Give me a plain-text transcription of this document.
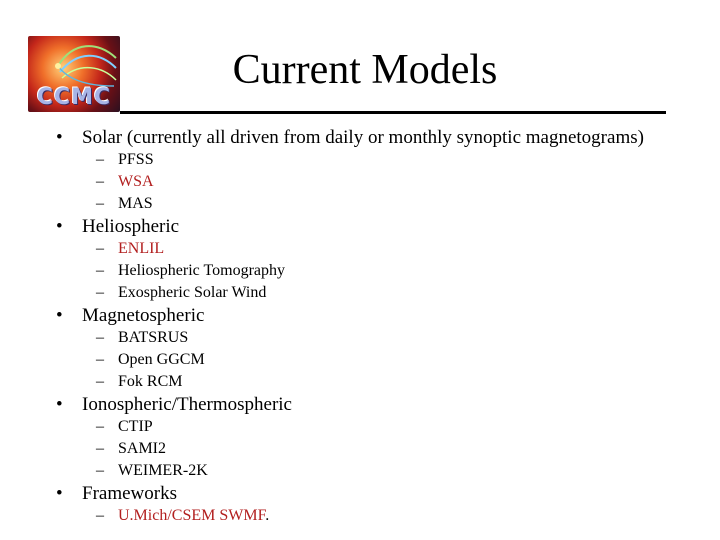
CCMC
Current Models
• Solar (currently all driven from daily or monthly synoptic magnetograms)
– PFSS
– WSA
– MAS
• Heliospheric
– ENLIL
– Heliospheric Tomography
– Exospheric Solar Wind
• Magnetospheric
– BATSRUS
– Open GGCM
– Fok RCM
• Ionospheric/Thermospheric
– CTIP
– SAMI2
– WEIMER-2K
• Frameworks
– U.Mich/CSEM SWMF.
